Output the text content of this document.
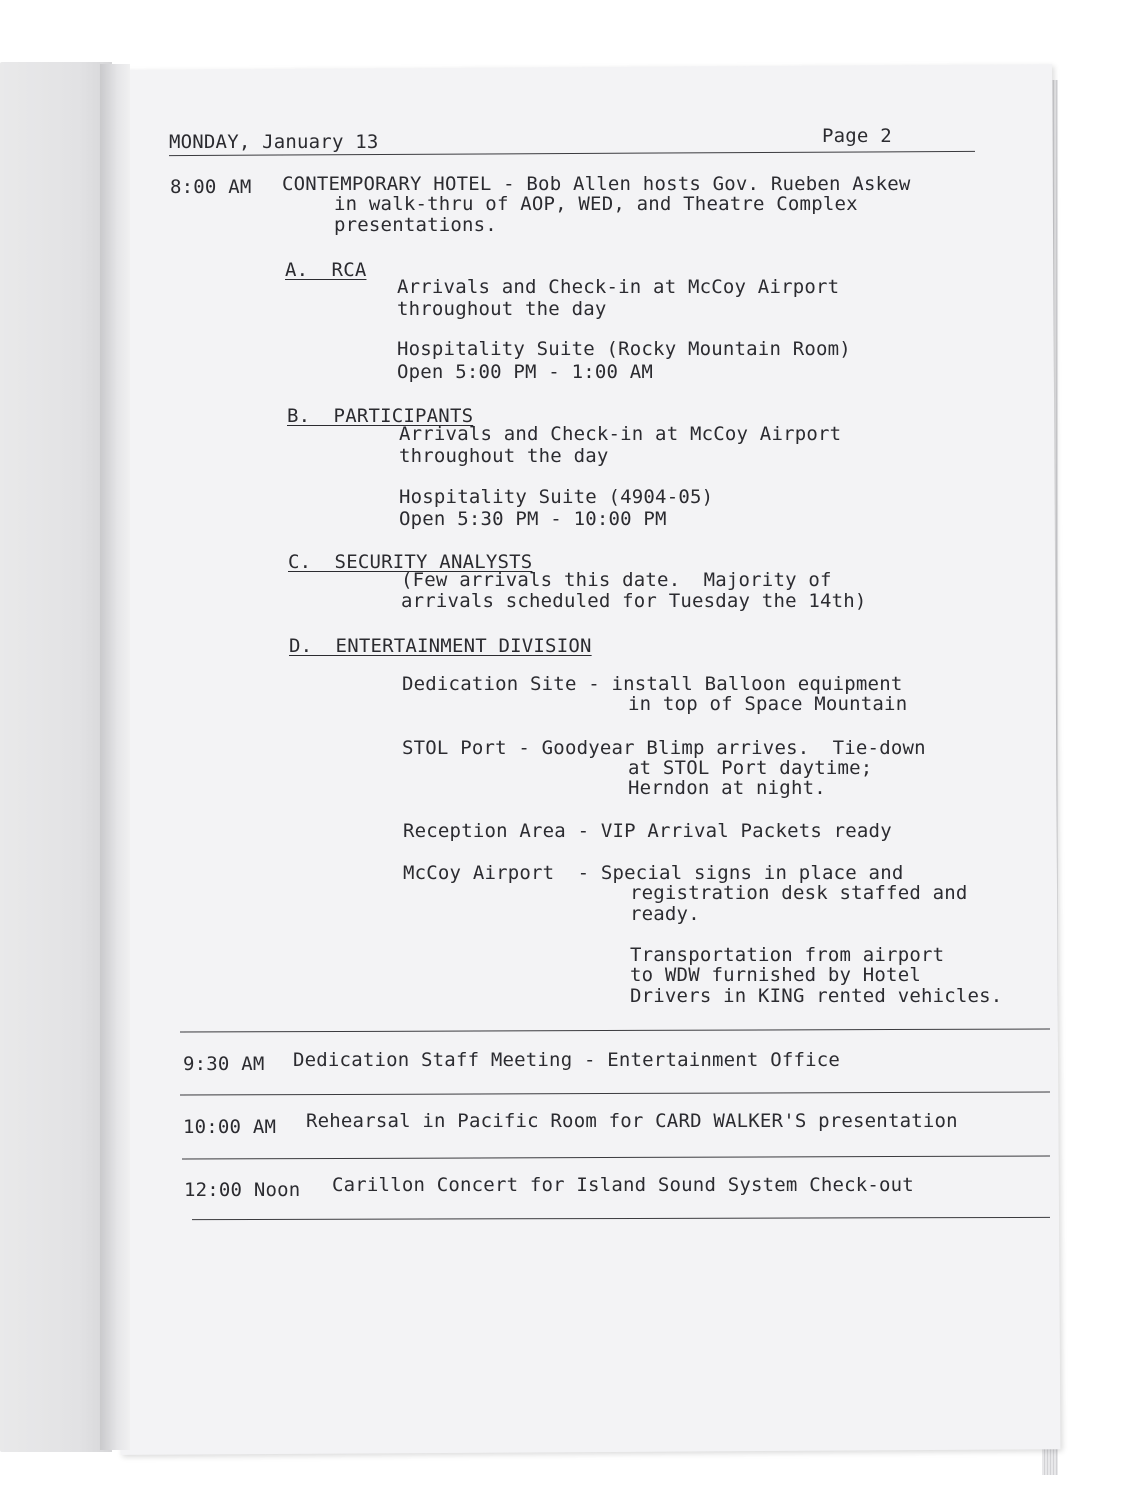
MONDAY, January 13	Page 2
8:00 AM CONTEMPORARY HOTEL - Bob Allen hosts Gov. Rueben Askew
in walk-thru of AOP, WED, and Theatre Complex
presentations.
A.  RCA
Arrivals and Check-in at McCoy Airport
throughout the day
Hospitality Suite (Rocky Mountain Room)
Open 5:00 PM - 1:00 AM
B.  PARTICIPANTS
Arrivals and Check-in at McCoy Airport
throughout the day
Hospitality Suite (4904-05)
Open 5:30 PM - 10:00 PM
C.  SECURITY ANALYSTS
(Few arrivals this date.  Majority of
arrivals scheduled for Tuesday the 14th)
D.  ENTERTAINMENT DIVISION
Dedication Site - install Balloon equipment
in top of Space Mountain
STOL Port - Goodyear Blimp arrives.  Tie-down
at STOL Port daytime;
Herndon at night.
Reception Area - VIP Arrival Packets ready
McCoy Airport  - Special signs in place and
registration desk staffed and
ready.
Transportation from airport
to WDW furnished by Hotel
Drivers in KING rented vehicles.
9:30 AM Dedication Staff Meeting - Entertainment Office
10:00 AM Rehearsal in Pacific Room for CARD WALKER'S presentation
12:00 Noon Carillon Concert for Island Sound System Check-out
